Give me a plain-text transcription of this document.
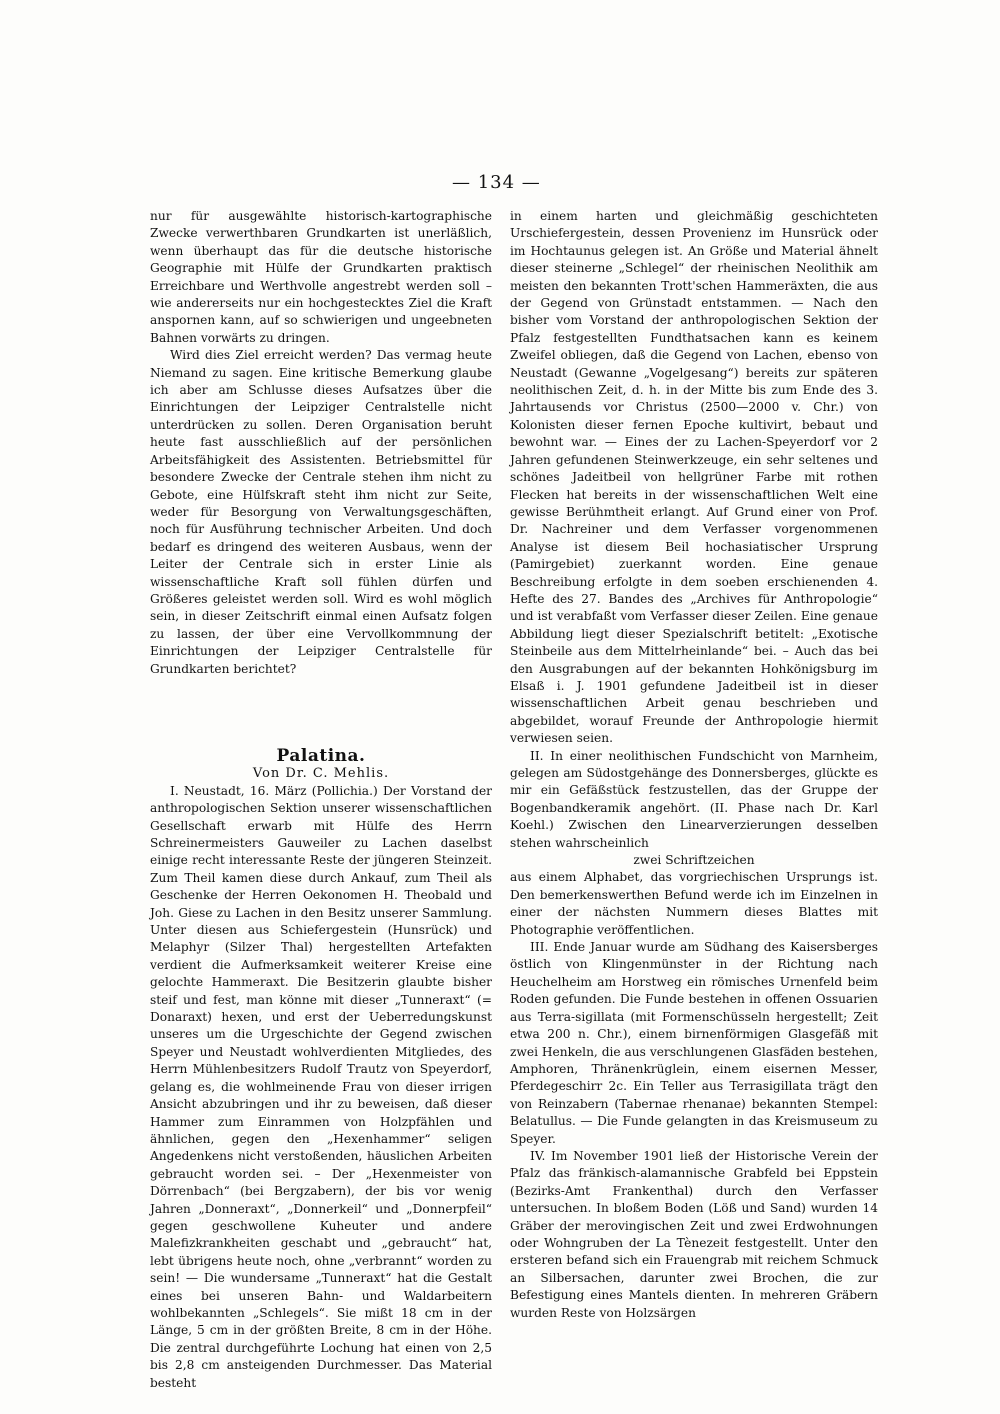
— 134 —

nur für ausgewählte historisch-kartographische Zwecke verwerthbaren Grundkarten ist unerläßlich, wenn überhaupt das für die deutsche historische Geographie mit Hülfe der Grundkarten praktisch Erreichbare und Werthvolle angestrebt werden soll – wie andererseits nur ein hochgestecktes Ziel die Kraft anspornen kann, auf so schwierigen und ungeebneten Bahnen vorwärts zu dringen.

Wird dies Ziel erreicht werden? Das vermag heute Niemand zu sagen. Eine kritische Bemerkung glaube ich aber am Schlusse dieses Aufsatzes über die Einrichtungen der Leipziger Centralstelle nicht unterdrücken zu sollen. Deren Organisation beruht heute fast ausschließlich auf der persönlichen Arbeitsfähigkeit des Assistenten. Betriebsmittel für besondere Zwecke der Centrale stehen ihm nicht zu Gebote, eine Hülfskraft steht ihm nicht zur Seite, weder für Besorgung von Verwaltungsgeschäften, noch für Ausführung technischer Arbeiten. Und doch bedarf es dringend des weiteren Ausbaus, wenn der Leiter der Centrale sich in erster Linie als wissenschaftliche Kraft soll fühlen dürfen und Größeres geleistet werden soll. Wird es wohl möglich sein, in dieser Zeitschrift einmal einen Aufsatz folgen zu lassen, der über eine Vervollkommnung der Einrichtungen der Leipziger Centralstelle für Grundkarten berichtet?

Palatina.

Von Dr. C. Mehlis.

I. Neustadt, 16. März (Pollichia.) Der Vorstand der anthropologischen Sektion unserer wissenschaftlichen Gesellschaft erwarb mit Hülfe des Herrn Schreinermeisters Gauweiler zu Lachen daselbst einige recht interessante Reste der jüngeren Steinzeit. Zum Theil kamen diese durch Ankauf, zum Theil als Geschenke der Herren Oekonomen H. Theobald und Joh. Giese zu Lachen in den Besitz unserer Sammlung. Unter diesen aus Schiefergestein (Hunsrück) und Melaphyr (Silzer Thal) hergestellten Artefakten verdient die Aufmerksamkeit weiterer Kreise eine gelochte Hammeraxt. Die Besitzerin glaubte bisher steif und fest, man könne mit dieser „Tunneraxt“ (= Donaraxt) hexen, und erst der Ueberredungskunst unseres um die Urgeschichte der Gegend zwischen Speyer und Neustadt wohlverdienten Mitgliedes, des Herrn Mühlenbesitzers Rudolf Trautz von Speyerdorf, gelang es, die wohlmeinende Frau von dieser irrigen Ansicht abzubringen und ihr zu beweisen, daß dieser Hammer zum Einrammen von Holzpfählen und ähnlichen, gegen den „Hexenhammer“ seligen Angedenkens nicht verstoßenden, häuslichen Arbeiten gebraucht worden sei. – Der „Hexenmeister von Dörrenbach“ (bei Bergzabern), der bis vor wenig Jahren „Donneraxt“, „Donnerkeil“ und „Donnerpfeil“ gegen geschwollene Kuheuter und andere Malefizkrankheiten geschabt und „gebraucht“ hat, lebt übrigens heute noch, ohne „verbrannt“ worden zu sein! — Die wundersame „Tunneraxt“ hat die Gestalt eines bei unseren Bahn- und Waldarbeitern wohlbekannten „Schlegels“. Sie mißt 18 cm in der Länge, 5 cm in der größten Breite, 8 cm in der Höhe. Die zentral durchgeführte Lochung hat einen von 2,5 bis 2,8 cm ansteigenden Durchmesser. Das Material besteht

in einem harten und gleichmäßig geschichteten Urschiefergestein, dessen Provenienz im Hunsrück oder im Hochtaunus gelegen ist. An Größe und Material ähnelt dieser steinerne „Schlegel“ der rheinischen Neolithik am meisten den bekannten Trott'schen Hammeräxten, die aus der Gegend von Grünstadt entstammen. — Nach den bisher vom Vorstand der anthropologischen Sektion der Pfalz festgestellten Fundthatsachen kann es keinem Zweifel obliegen, daß die Gegend von Lachen, ebenso von Neustadt (Gewanne „Vogelgesang“) bereits zur späteren neolithischen Zeit, d. h. in der Mitte bis zum Ende des 3. Jahrtausends vor Christus (2500—2000 v. Chr.) von Kolonisten dieser fernen Epoche kultivirt, bebaut und bewohnt war. — Eines der zu Lachen-Speyerdorf vor 2 Jahren gefundenen Steinwerkzeuge, ein sehr seltenes und schönes Jadeitbeil von hellgrüner Farbe mit rothen Flecken hat bereits in der wissenschaftlichen Welt eine gewisse Berühmtheit erlangt. Auf Grund einer von Prof. Dr. Nachreiner und dem Verfasser vorgenommenen Analyse ist diesem Beil hochasiatischer Ursprung (Pamirgebiet) zuerkannt worden. Eine genaue Beschreibung erfolgte in dem soeben erschienenden 4. Hefte des 27. Bandes des „Archives für Anthropologie“ und ist verabfaßt vom Verfasser dieser Zeilen. Eine genaue Abbildung liegt dieser Spezialschrift betitelt: „Exotische Steinbeile aus dem Mittelrheinlande“ bei. – Auch das bei den Ausgrabungen auf der bekannten Hohkönigsburg im Elsaß i. J. 1901 gefundene Jadeitbeil ist in dieser wissenschaftlichen Arbeit genau beschrieben und abgebildet, worauf Freunde der Anthropologie hiermit verwiesen seien.

II. In einer neolithischen Fundschicht von Marnheim, gelegen am Südostgehänge des Donnersberges, glückte es mir ein Gefäßstück festzustellen, das der Gruppe der Bogenbandkeramik angehört. (II. Phase nach Dr. Karl Koehl.) Zwischen den Linearverzierungen desselben stehen wahrscheinlich

zwei Schriftzeichen

aus einem Alphabet, das vorgriechischen Ursprungs ist. Den bemerkenswerthen Befund werde ich im Einzelnen in einer der nächsten Nummern dieses Blattes mit Photographie veröffentlichen.

III. Ende Januar wurde am Südhang des Kaisersberges östlich von Klingenmünster in der Richtung nach Heuchelheim am Horstweg ein römisches Urnenfeld beim Roden gefunden. Die Funde bestehen in offenen Ossuarien aus Terra-sigillata (mit Formenschüsseln hergestellt; Zeit etwa 200 n. Chr.), einem birnenförmigen Glasgefäß mit zwei Henkeln, die aus verschlungenen Glasfäden bestehen, Amphoren, Thränenkrüglein, einem eisernen Messer, Pferdegeschirr 2c. Ein Teller aus Terrasigillata trägt den von Reinzabern (Tabernae rhenanae) bekannten Stempel: Belatullus. — Die Funde gelangten in das Kreismuseum zu Speyer.

IV. Im November 1901 ließ der Historische Verein der Pfalz das fränkisch-alamannische Grabfeld bei Eppstein (Bezirks-Amt Frankenthal) durch den Verfasser untersuchen. In bloßem Boden (Löß und Sand) wurden 14 Gräber der merovingischen Zeit und zwei Erdwohnungen oder Wohngruben der La Tènezeit festgestellt. Unter den ersteren befand sich ein Frauengrab mit reichem Schmuck an Silbersachen, darunter zwei Brochen, die zur Befestigung eines Mantels dienten. In mehreren Gräbern wurden Reste von Holzsärgen
